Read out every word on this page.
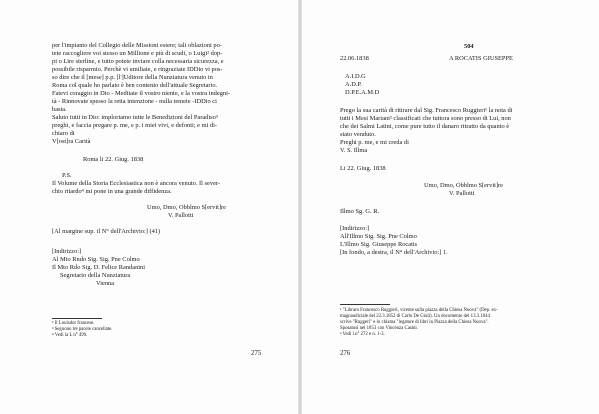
per l'impianto del Collegio delle Missioni estere; tali oblazioni po-
tete raccogliere voi stesso un Millione e più di scudi, o Luigi² dop-
pi o Lire sterline, e tutto potete inviare colla necessaria sicurezza, e
possibile risparmio. Perchè vi umiliate, e ringraziate IDDio vi pos-
so dire che il [mese] p.p. [l']Uditore della Nunziatura venuto in
Roma col quale ho parlato è ben contento dell'attuale Segretario.
Fatevi coraggio in Dio - Meditate il vostro niente, e la vostra indegni-
tà - Rinnovate spesso la retta intenzione - nulla temete -IDDio ci
basta.
Saluto tutti in Dio: imploriamo tutte le Benedizioni del Paradiso³
preghi, e faccia pregare p. me, e p. i miei vivi, e defonti; e mi di-
chiaro di
V[ost]ra Carità
Roma li 22. Giug. 1838
P.S.
Il Volume della Storia Ecclesiastica non è ancora venuto. Il sever-
chio ritardo⁴ mi pone in una grande diffidenza.
Umo, Dmo, Obblmo S[ervit]re
V. Pallotti
[Al margine sup. il N° dell'Archivio:] (41)
[Indirizzo:]
Al Mto Rndo Sig. Sig. Pne Colmo
Il Mto Rdo Sig. D. Felice Randanini
Segretario della Nunziatura
Vienna
² Il Louisdor francese.
³ Seguono tre parole cancellate.
⁴ Vedi la L n° 499.
275
504
A ROCATIS GIUSEPPE
22.06.1838
A.I.D.G
A.D.P.
D.P.E.A.M.D
Prego la sua carità di ritirare dal Sig. Francesco Ruggieri¹ la nota di
tutti i Mesi Mariani² classificati che tuttora sono presso di Lui, non
che dei Salmi Latini, come pure tutto il danaro ritratto da quanto è
stato venduto.
Preghi p. me, e mi creda di
V. S. Illma
Li 22. Giug. 1838
Umo, Dmo, Obblmo S[ervit]re
V. Pallotti
Illmo Sg. G. R.
[Indirizzo:]
All'Illmo Sig. Sig. Pne Colmo
L'Illmo Sig. Giuseppe Rocatis
[In fondo, a destra, il N° dell'Archivio:] 1.
¹ "Libraro Francesco Ruggieri, vicente sulla piazza della Chiesa Nuova" (Dep. ex-
magnaudiciale del 22.3.1852 di Carlo De Giuli). Un documento del 13.3.1844
scrive "Ruggeri" e lo chiama "legatore di libri in Piazza della Chiesa Nuova".
Sposatosi nel 1853 con Vincenza Casini.
² Vedi l.n° 272 e n. 1-3.
276
